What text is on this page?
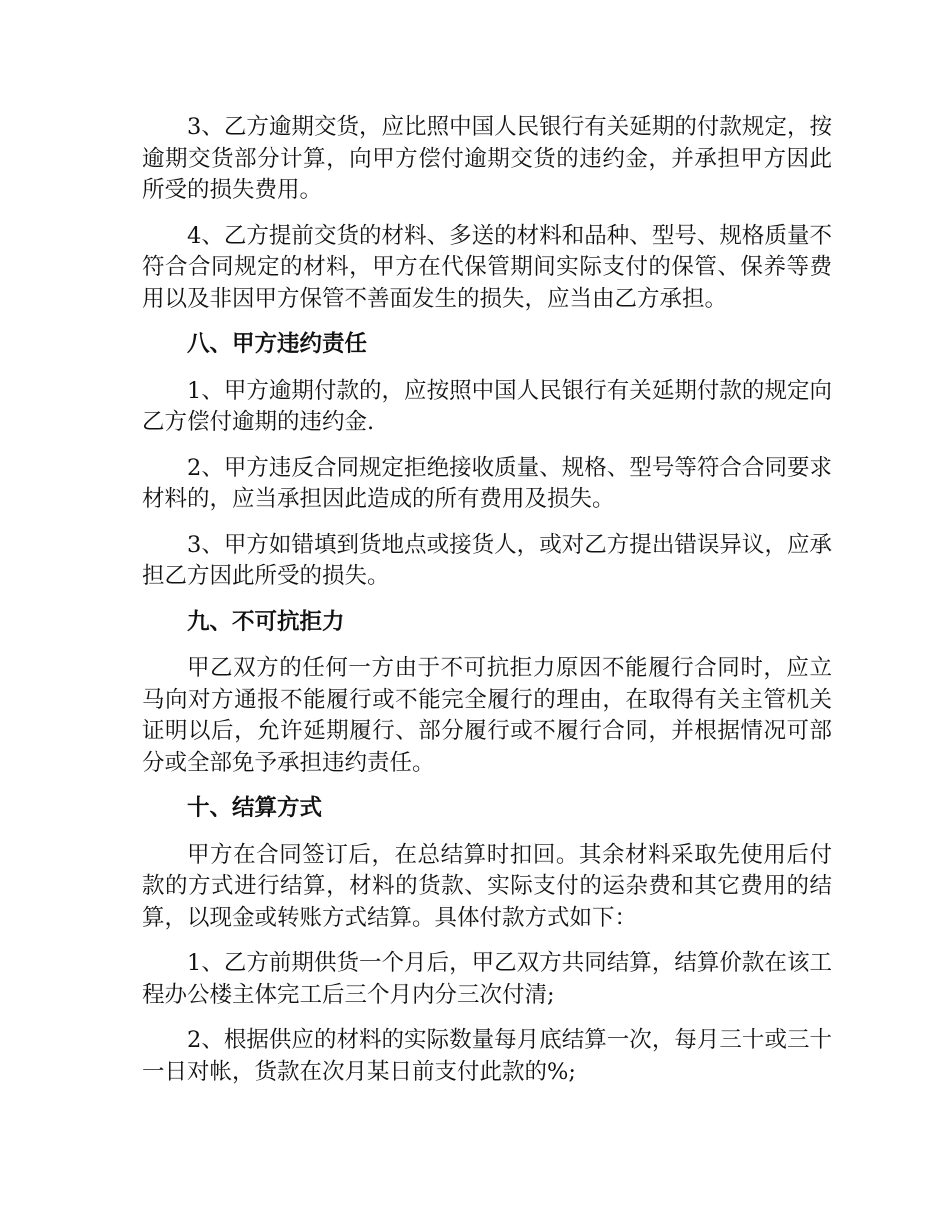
3、乙方逾期交货，应比照中国人民银行有关延期的付款规定，按逾期交货部分计算，向甲方偿付逾期交货的违约金，并承担甲方因此所受的损失费用。

4、乙方提前交货的材料、多送的材料和品种、型号、规格质量不符合合同规定的材料，甲方在代保管期间实际支付的保管、保养等费用以及非因甲方保管不善面发生的损失，应当由乙方承担。

八、甲方违约责任

1、甲方逾期付款的，应按照中国人民银行有关延期付款的规定向乙方偿付逾期的违约金.

2、甲方违反合同规定拒绝接收质量、规格、型号等符合合同要求材料的，应当承担因此造成的所有费用及损失。

3、甲方如错填到货地点或接货人，或对乙方提出错误异议，应承担乙方因此所受的损失。

九、不可抗拒力

甲乙双方的任何一方由于不可抗拒力原因不能履行合同时，应立马向对方通报不能履行或不能完全履行的理由，在取得有关主管机关证明以后，允许延期履行、部分履行或不履行合同，并根据情况可部分或全部免予承担违约责任。

十、结算方式

甲方在合同签订后，在总结算时扣回。其余材料采取先使用后付款的方式进行结算，材料的货款、实际支付的运杂费和其它费用的结算，以现金或转账方式结算。具体付款方式如下：

1、乙方前期供货一个月后，甲乙双方共同结算，结算价款在该工程办公楼主体完工后三个月内分三次付清;

2、根据供应的材料的实际数量每月底结算一次，每月三十或三十一日对帐，货款在次月某日前支付此款的%;
